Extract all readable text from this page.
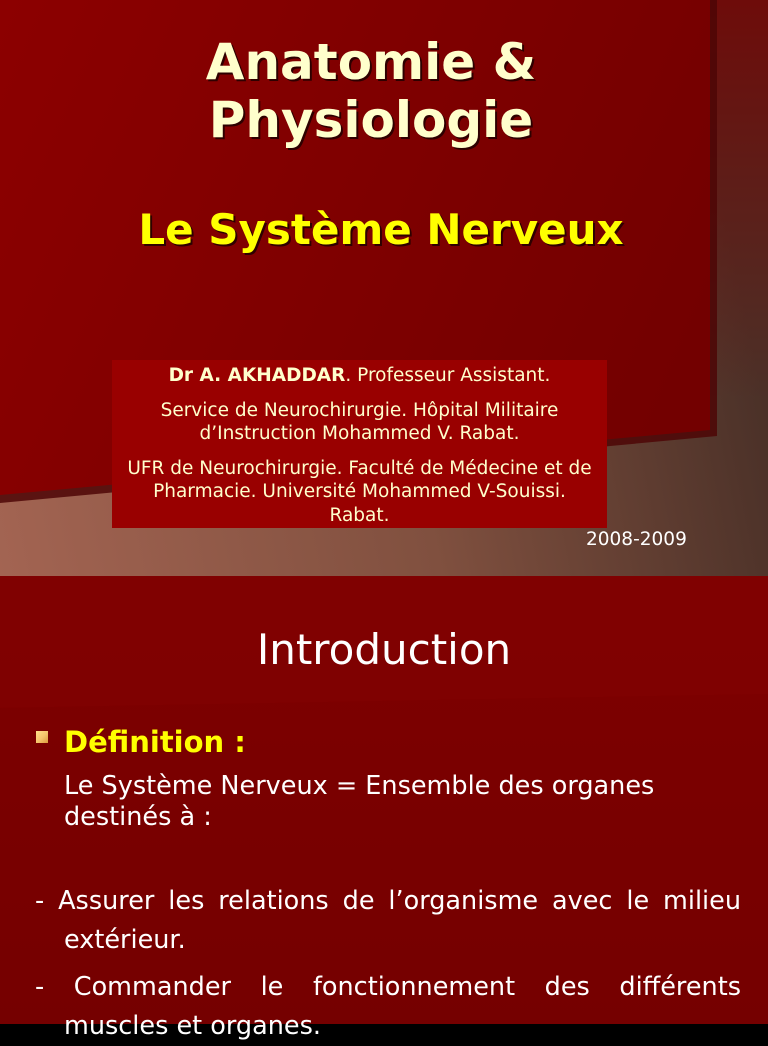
Anatomie &
Physiologie
Le Système Nerveux

Dr A. AKHADDAR. Professeur Assistant.

Service de Neurochirurgie. Hôpital Militaire d’Instruction Mohammed V. Rabat.

UFR de Neurochirurgie. Faculté de Médecine et de Pharmacie. Université Mohammed V-Souissi. Rabat.

2008-2009
Introduction
Définition :

Le Système Nerveux = Ensemble des organes destinés à :

- Assurer les relations de l’organisme avec le milieu extérieur.

- Commander le fonctionnement des différents muscles et organes.
